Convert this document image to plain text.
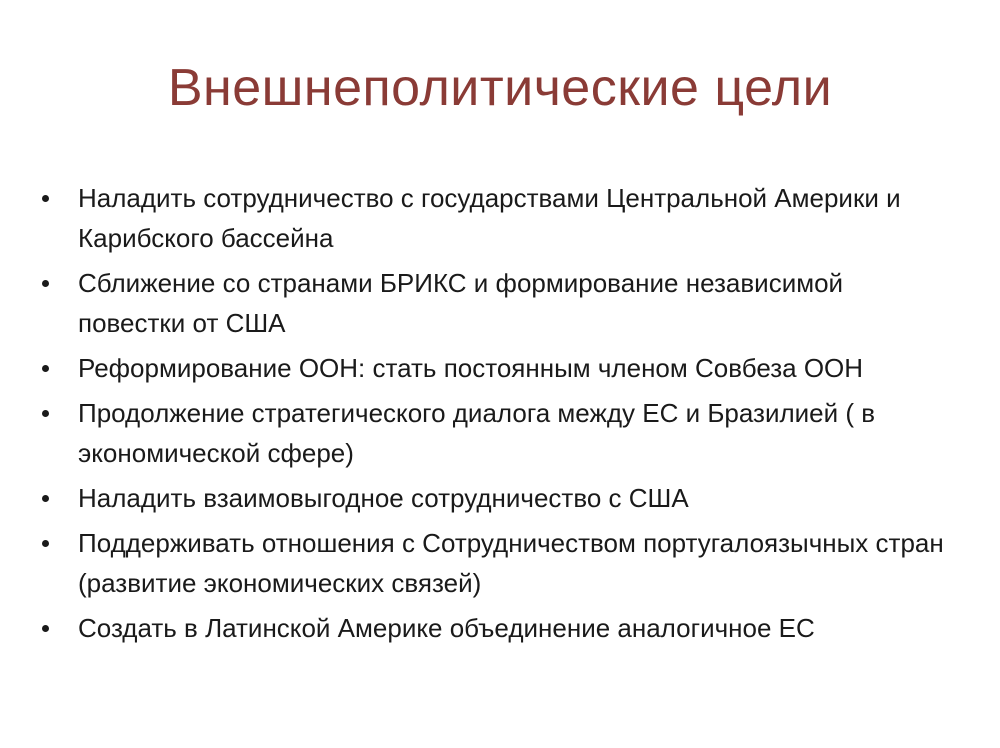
Внешнеполитические цели
Наладить сотрудничество с государствами Центральной Америки и Карибского бассейна
Сближение со странами БРИКС и формирование независимой повестки от США
Реформирование ООН: стать постоянным членом Совбеза ООН
Продолжение стратегического диалога между ЕС и Бразилией ( в экономической сфере)
Наладить взаимовыгодное сотрудничество с США
Поддерживать отношения с Сотрудничеством португалоязычных стран (развитие экономических связей)
Создать в Латинской Америке объединение аналогичное ЕС
